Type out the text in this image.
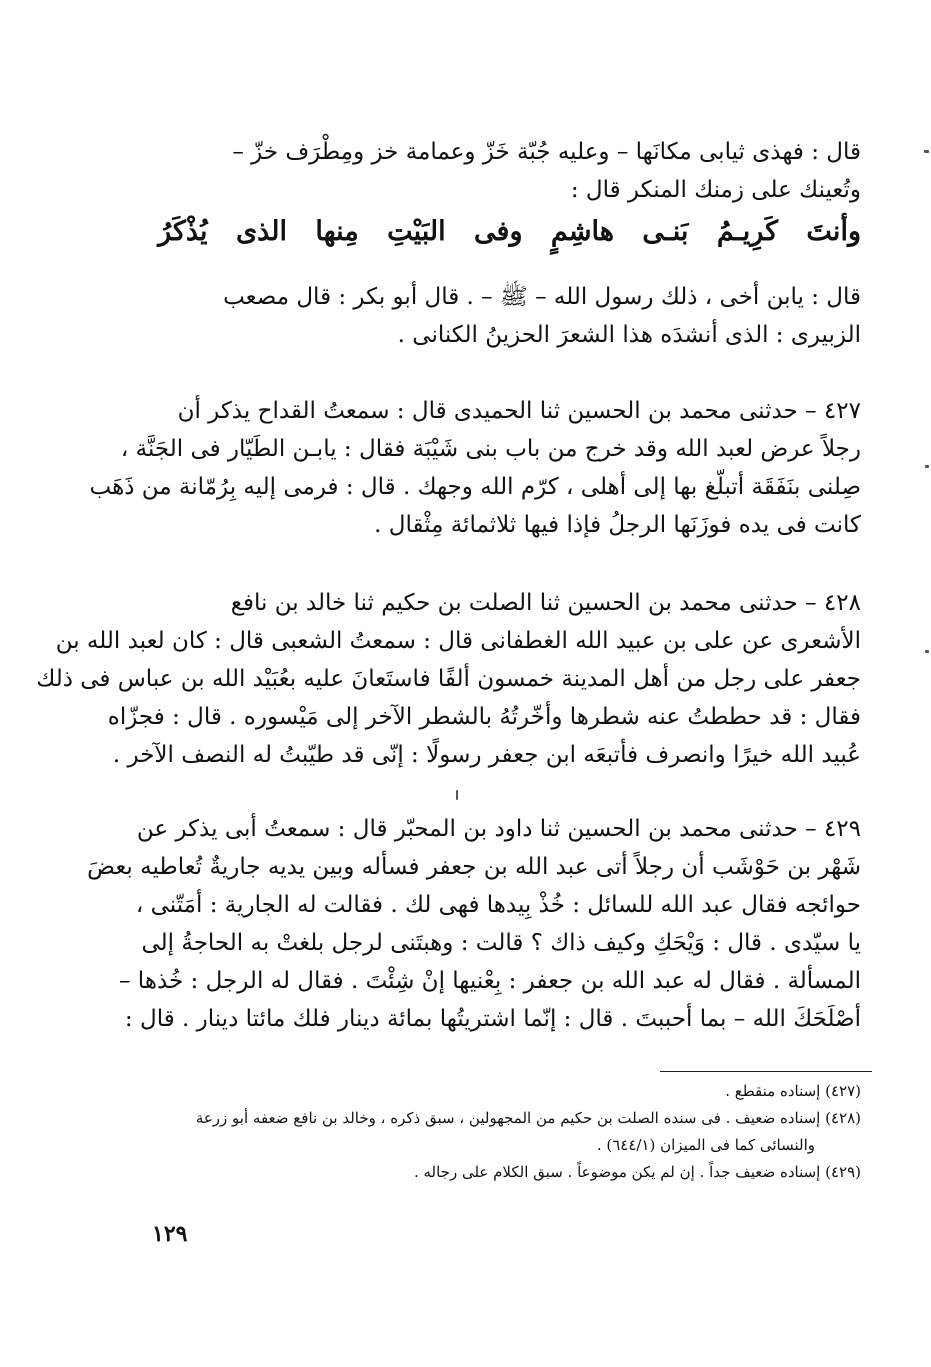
قال : فهذى ثيابى مكانَها – وعليه جُبّة خَزّ وعمامة خز ومِطْرَف خزّ –
وتُعينك على زمنك المنكر قال :
وأنتَ
كَرِيـمُ
بَنـى
هاشِمٍ
وفى
البَيْتِ
مِنها
الذى
يُذْكَرُ
قال : يابن أخى ، ذلك رسول الله – ﷺ – . قال أبو بكر : قال مصعب
الزبيرى : الذى أنشدَه هذا الشعرَ الحزينُ الكنانى .
٤٢٧ – حدثنى محمد بن الحسين ثنا الحميدى قال : سمعتُ القداح يذكر أن
رجلاً عرض لعبد الله وقد خرج من باب بنى شَيْبَة فقال : يابـن الطَيّار فى الجَنَّة ،
صِلنى بنَفَقَة أتبلّغ بها إلى أهلى ، كرّم الله وجهك . قال : فرمى إليه بِرُمّانة من ذَهَب
كانت فى يده فوزَنَها الرجلُ فإذا فيها ثلاثمائة مِثْقال .
٤٢٨ – حدثنى محمد بن الحسين ثنا الصلت بن حكيم ثنا خالد بن نافع
الأشعرى عن على بن عبيد الله الغطفانى قال : سمعتُ الشعبى قال : كان لعبد الله بن
جعفر على رجل من أهل المدينة خمسون ألفًا فاستَعانَ عليه بعُبَيْد الله بن عباس فى ذلك
فقال : قد حططتُ عنه شطرها وأخّرتُهُ بالشطر الآخر إلى مَيْسوره . قال : فجزّاه
عُبيد الله خيرًا وانصرف فأتبعَه ابن جعفر رسولًا : إنّى قد طيّبتُ له النصف الآخر .
٤٢٩ – حدثنى محمد بن الحسين ثنا داود بن المحبّر قال : سمعتُ أبى يذكر عن
شَهْر بن حَوْشَب أن رجلاً أتى عبد الله بن جعفر فسأله وبين يديه جاريةٌ تُعاطيه بعضَ
حوائجه فقال عبد الله للسائل : خُذْ بِيدها فهى لك . فقالت له الجارية : أمَتّنى ،
يا سيّدى . قال : وَيْحَكِ وكيف ذاك ؟ قالت : وهبتَنى لرجل بلغتْ به الحاجةُ إلى
المسألة . فقال له عبد الله بن جعفر : بِعْنيها إنْ شِئْتَ . فقال له الرجل : خُذها –
أصْلَحَكَ الله – بما أحببتَ . قال : إنّما اشتريتُها بمائة دينار فلك مائتا دينار . قال :
(٤٢٧) إسناده منقطع .
(٤٢٨) إسناده ضعيف . فى سنده الصلت بن حكيم من المجهولين ، سبق ذكره ، وخالد بن نافع ضعفه أبو زرعة
والنسائى كما فى الميزان (٦٤٤/١) .
(٤٢٩) إسناده ضعيف جداً . إن لم يكن موضوعاً . سبق الكلام على رجاله .
١٢٩
